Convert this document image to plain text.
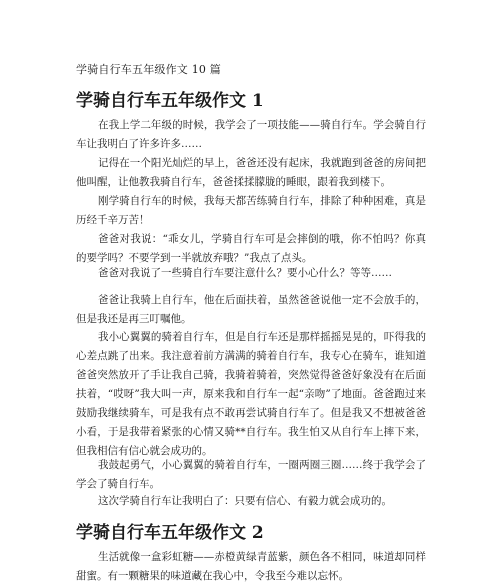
学骑自行车五年级作文 10 篇
学骑自行车五年级作文 1

在我上学二年级的时候，我学会了一项技能——骑自行车。学会骑自行车让我明白了许多许多……

记得在一个阳光灿烂的早上，爸爸还没有起床，我就跑到爸爸的房间把他叫醒，让他教我骑自行车，爸爸揉揉朦胧的睡眼，跟着我到楼下。

刚学骑自行车的时候，我每天都苦练骑自行车，排除了种种困难，真是历经千辛万苦！

爸爸对我说：“乖女儿，学骑自行车可是会摔倒的哦，你不怕吗？你真的要学吗？不要学到一半就放弃哦？”我点了点头。

爸爸对我说了一些骑自行车要注意什么？要小心什么？等等……

爸爸让我骑上自行车，他在后面扶着，虽然爸爸说他一定不会放手的，但是我还是再三叮嘱他。

我小心翼翼的骑着自行车，但是自行车还是那样摇摇晃晃的，吓得我的心差点跳了出来。我注意着前方满满的骑着自行车，我专心在骑车，谁知道爸爸突然放开了手让我自己骑，我骑着骑着，突然觉得爸爸好象没有在后面扶着，“哎呀”我大叫一声，原来我和自行车一起“亲吻”了地面。爸爸跑过来鼓励我继续骑车，可是我有点不敢再尝试骑自行车了。但是我又不想被爸爸小看，于是我带着紧张的心情又骑**自行车。我生怕又从自行车上摔下来，但我相信有信心就会成功的。

我鼓起勇气，小心翼翼的骑着自行车，一圈两圈三圈……终于我学会了学会了骑自行车。

这次学骑自行车让我明白了：只要有信心、有毅力就会成功的。

学骑自行车五年级作文 2

生活就像一盒彩虹糖——赤橙黄绿青蓝紫，颜色各不相同，味道却同样甜蜜。有一颗糖果的味道藏在我心中，令我至今难以忘怀。
